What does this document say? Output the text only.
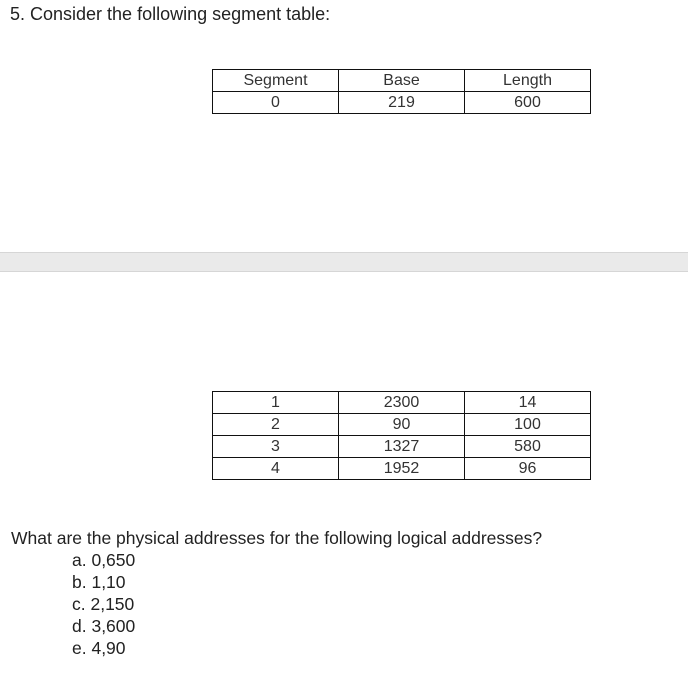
5. Consider the following segment table:
Segment	Base	Length
0	219	600
1	2300	14
2	90	100
3	1327	580
4	1952	96
What are the physical addresses for the following logical addresses?
a. 0,650
b. 1,10
c. 2,150
d. 3,600
e. 4,90
